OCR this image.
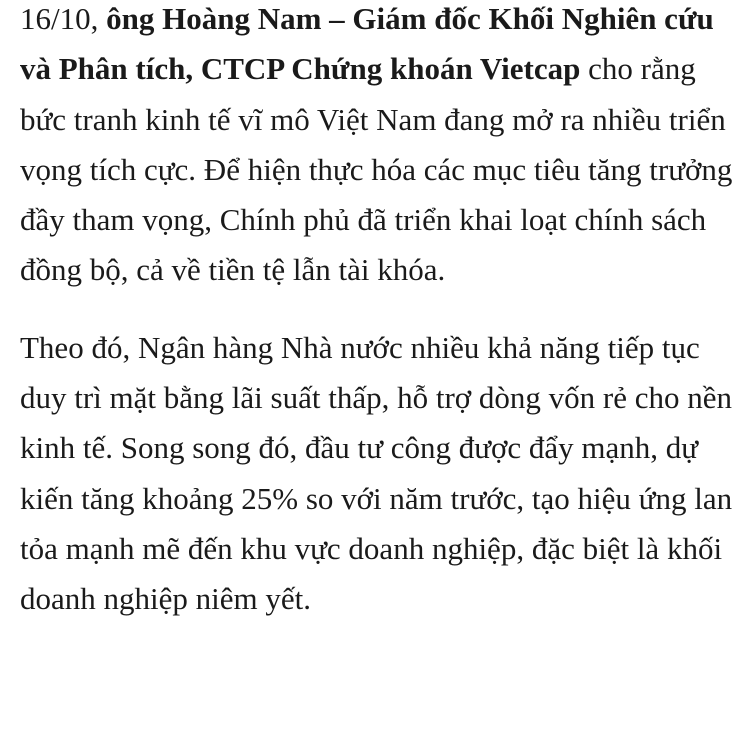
16/10, ông Hoàng Nam – Giám đốc Khối Nghiên cứu và Phân tích, CTCP Chứng khoán Vietcap cho rằng bức tranh kinh tế vĩ mô Việt Nam đang mở ra nhiều triển vọng tích cực. Để hiện thực hóa các mục tiêu tăng trưởng đầy tham vọng, Chính phủ đã triển khai loạt chính sách đồng bộ, cả về tiền tệ lẫn tài khóa.

Theo đó, Ngân hàng Nhà nước nhiều khả năng tiếp tục duy trì mặt bằng lãi suất thấp, hỗ trợ dòng vốn rẻ cho nền kinh tế. Song song đó, đầu tư công được đẩy mạnh, dự kiến tăng khoảng 25% so với năm trước, tạo hiệu ứng lan tỏa mạnh mẽ đến khu vực doanh nghiệp, đặc biệt là khối doanh nghiệp niêm yết.
